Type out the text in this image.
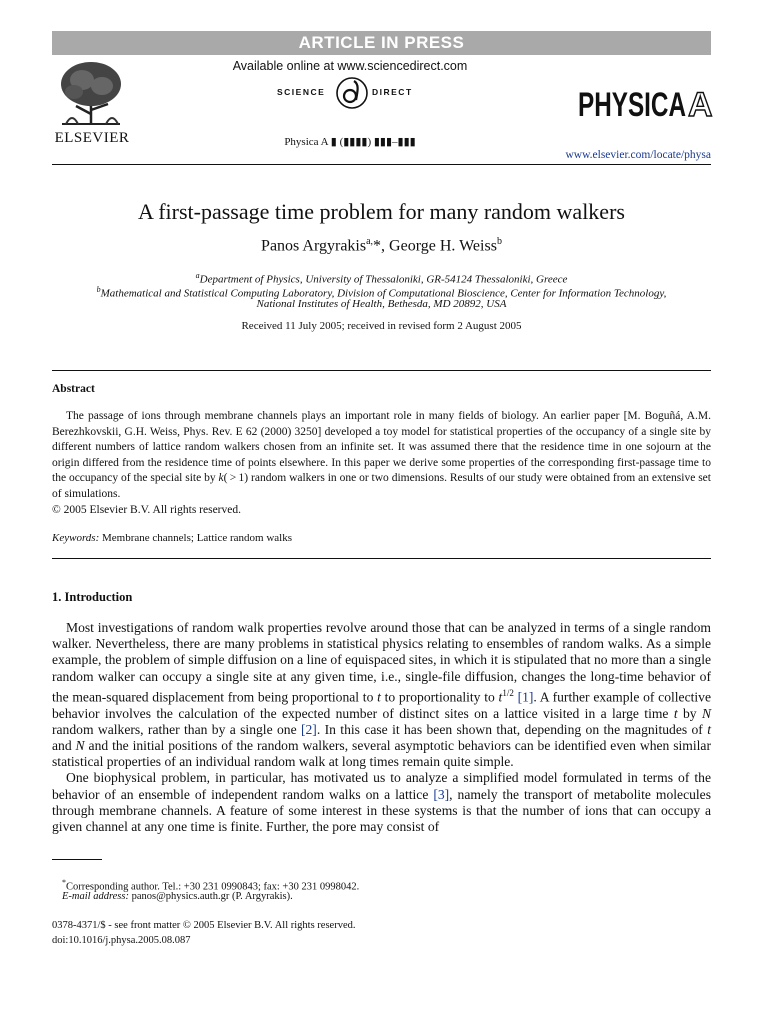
ARTICLE IN PRESS
ELSEVIER
Available online at www.sciencedirect.com
SCIENCE	DIRECT
Physica A ▮ (▮▮▮▮) ▮▮▮–▮▮▮
PHYSICA A
www.elsevier.com/locate/physa
A first-passage time problem for many random walkers
Panos Argyrakis$^{a,}$*, George H. Weiss$^b$
$^a$Department of Physics, University of Thessaloniki, GR-54124 Thessaloniki, Greece
$^b$Mathematical and Statistical Computing Laboratory, Division of Computational Bioscience, Center for Information Technology,
National Institutes of Health, Bethesda, MD 20892, USA
Received 11 July 2005; received in revised form 2 August 2005
Abstract

The passage of ions through membrane channels plays an important role in many fields of biology. An earlier paper [M. Boguñá, A.M. Berezhkovskii, G.H. Weiss, Phys. Rev. E 62 (2000) 3250] developed a toy model for statistical properties of the occupancy of a single site by different numbers of lattice random walkers chosen from an infinite set. It was assumed there that the residence time in one sojourn at the origin differed from the residence time of points elsewhere. In this paper we derive some properties of the corresponding first-passage time to the occupancy of the special site by k( > 1) random walkers in one or two dimensions. Results of our study were obtained from an extensive set of simulations.

© 2005 Elsevier B.V. All rights reserved.

Keywords: Membrane channels; Lattice random walks
1. Introduction

Most investigations of random walk properties revolve around those that can be analyzed in terms of a single random walker. Nevertheless, there are many problems in statistical physics relating to ensembles of random walks. As a simple example, the problem of simple diffusion on a line of equispaced sites, in which it is stipulated that no more than a single random walker can occupy a single site at any given time, i.e., single-file diffusion, changes the long-time behavior of the mean-squared displacement from being proportional to t to proportionality to $t^{1/2}$ [1]. A further example of collective behavior involves the calculation of the expected number of distinct sites on a lattice visited in a large time t by N random walkers, rather than by a single one [2]. In this case it has been shown that, depending on the magnitudes of t and N and the initial positions of the random walkers, several asymptotic behaviors can be identified even when similar statistical properties of an individual random walk at long times remain quite simple.

One biophysical problem, in particular, has motivated us to analyze a simplified model formulated in terms of the behavior of an ensemble of independent random walks on a lattice [3], namely the transport of metabolite molecules through membrane channels. A feature of some interest in these systems is that the number of ions that can occupy a given channel at any one time is finite. Further, the pore may consist of

*Corresponding author. Tel.: +30 231 0990843; fax: +30 231 0998042.
E-mail address: panos@physics.auth.gr (P. Argyrakis).
0378-4371/$ - see front matter © 2005 Elsevier B.V. All rights reserved.
doi:10.1016/j.physa.2005.08.087
